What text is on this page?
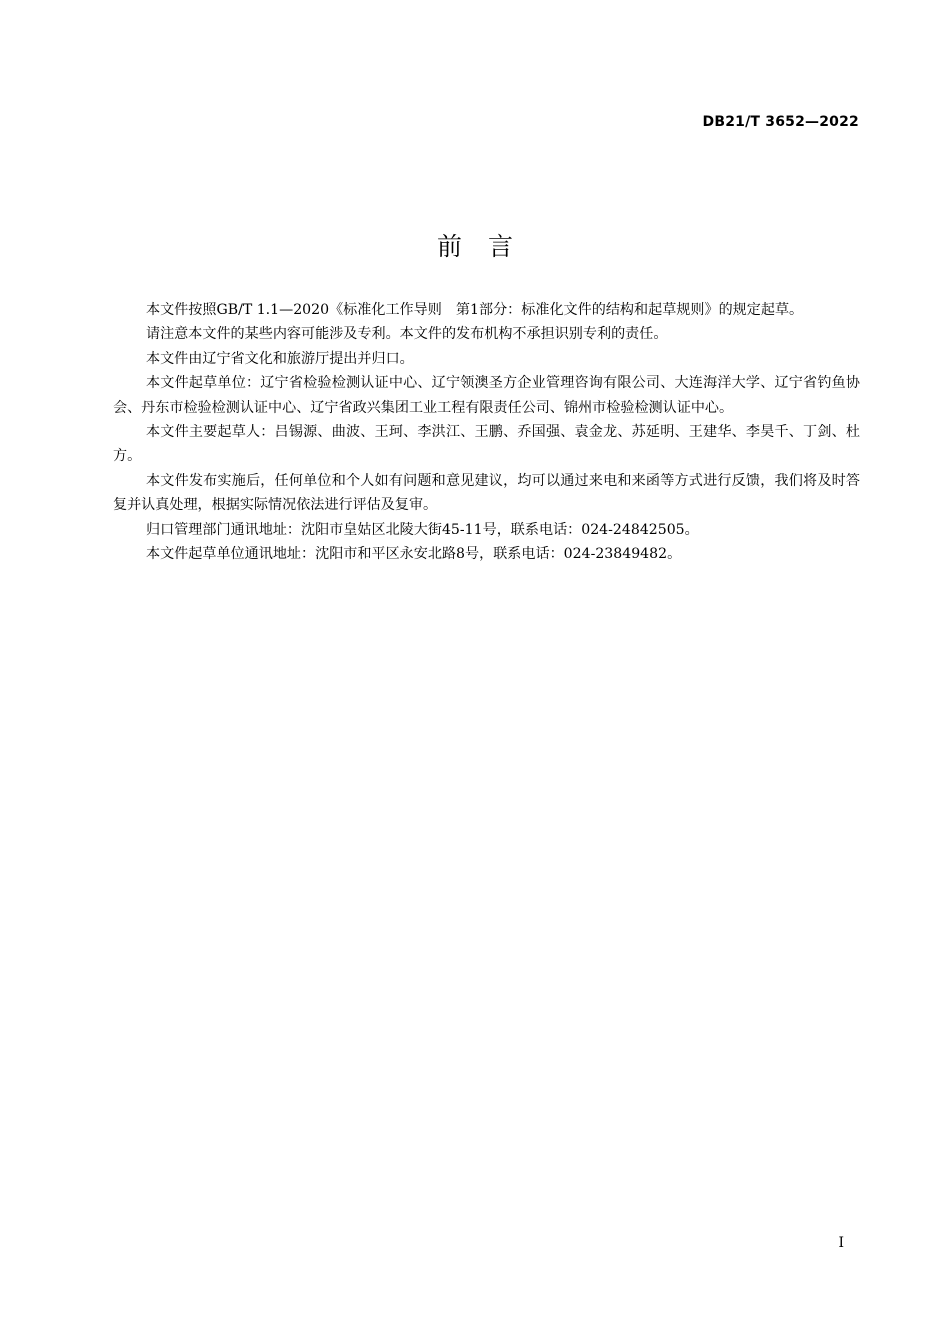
DB21/T 3652—2022
前言

本文件按照GB/T 1.1—2020《标准化工作导则　第1部分：标准化文件的结构和起草规则》的规定起草。

请注意本文件的某些内容可能涉及专利。本文件的发布机构不承担识别专利的责任。

本文件由辽宁省文化和旅游厅提出并归口。

本文件起草单位：辽宁省检验检测认证中心、辽宁领澳圣方企业管理咨询有限公司、大连海洋大学、辽宁省钓鱼协会、丹东市检验检测认证中心、辽宁省政兴集团工业工程有限责任公司、锦州市检验检测认证中心。

本文件主要起草人：吕锡源、曲波、王珂、李洪江、王鹏、乔国强、袁金龙、苏延明、王建华、李昊千、丁剑、杜方。

本文件发布实施后，任何单位和个人如有问题和意见建议，均可以通过来电和来函等方式进行反馈，我们将及时答复并认真处理，根据实际情况依法进行评估及复审。

归口管理部门通讯地址：沈阳市皇姑区北陵大街45-11号，联系电话：024-24842505。

本文件起草单位通讯地址：沈阳市和平区永安北路8号，联系电话：024-23849482。

I
